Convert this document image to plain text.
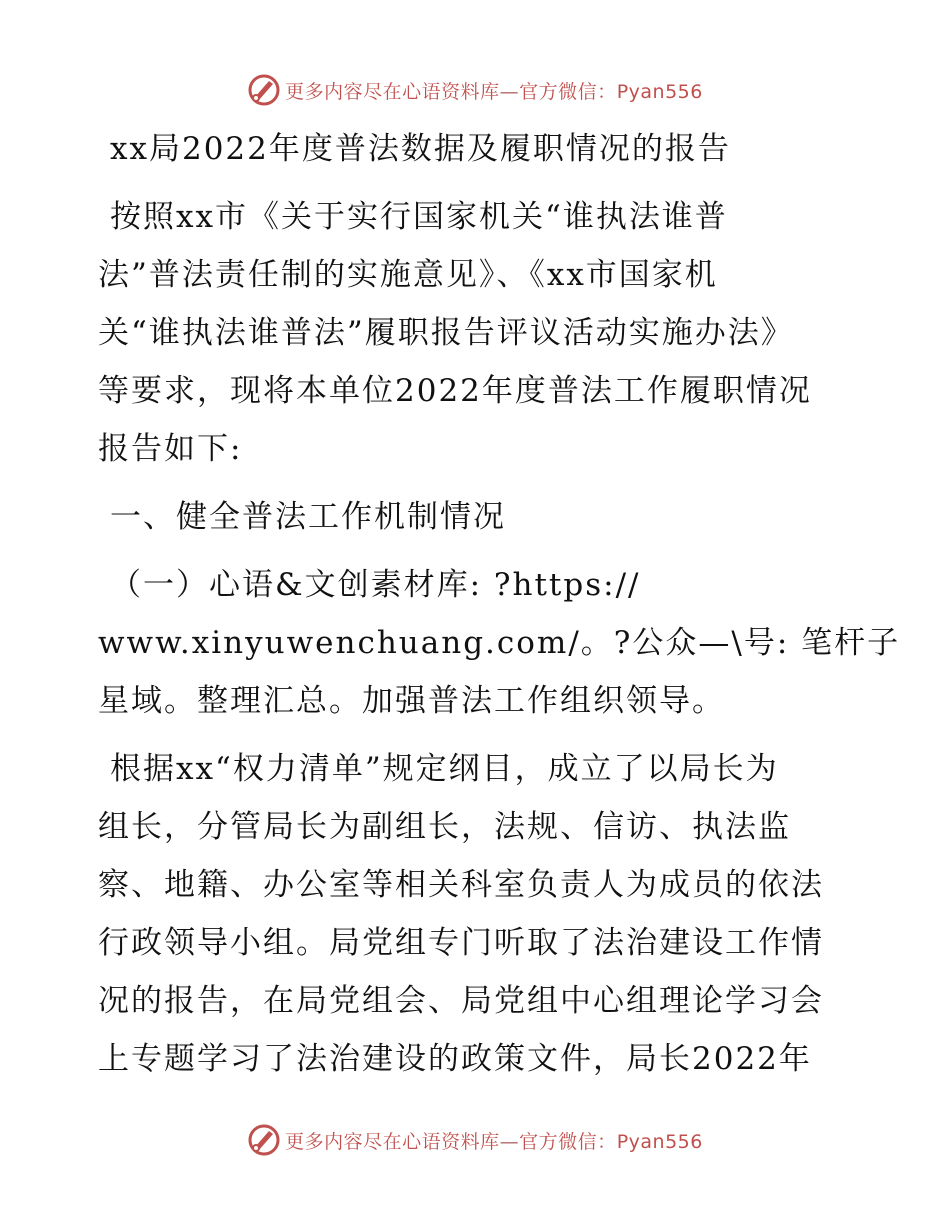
更多内容尽在心语资料库—官方微信：Pyan556
xx局2022年度普法数据及履职情况的报告
按照xx市《关于实行国家机关“谁执法谁普
法”普法责任制的实施意见》、《xx市国家机
关“谁执法谁普法”履职报告评议活动实施办法》
等要求，现将本单位2022年度普法工作履职情况
报告如下:
一、健全普法工作机制情况
（一）心语&文创素材库: ?https://
www.xinyuwenchuang.com/。?公众—\号: 笔杆子
星域。整理汇总。加强普法工作组织领导。
根据xx“权力清单”规定纲目，成立了以局长为
组长，分管局长为副组长，法规、信访、执法监
察、地籍、办公室等相关科室负责人为成员的依法
行政领导小组。局党组专门听取了法治建设工作情
况的报告，在局党组会、局党组中心组理论学习会
上专题学习了法治建设的政策文件，局长2022年
更多内容尽在心语资料库—官方微信：Pyan556
